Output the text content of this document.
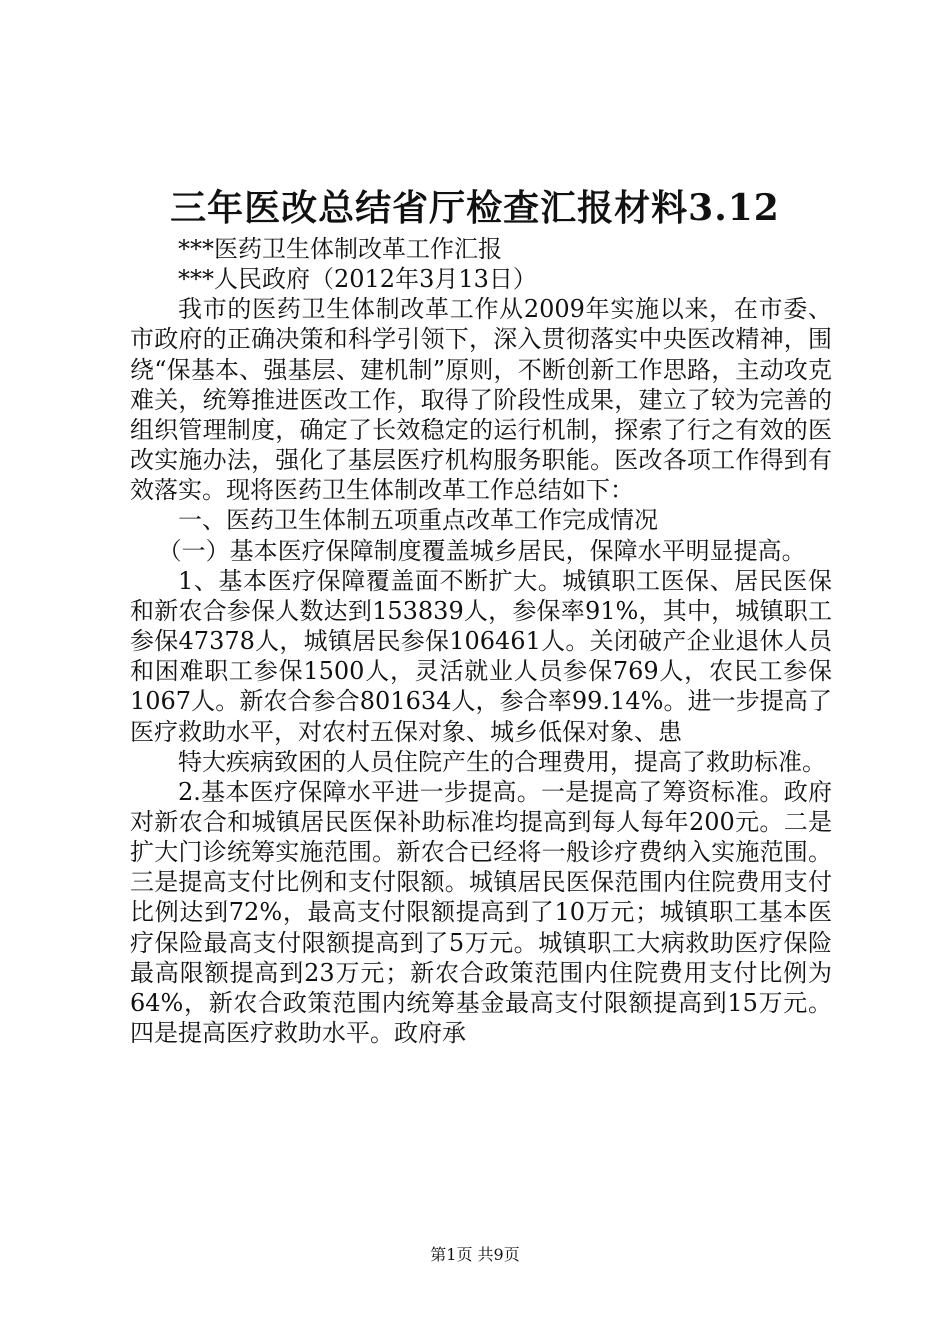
三年医改总结省厅检查汇报材料3.12

***医药卫生体制改革工作汇报

***人民政府（2012年3月13日）

我市的医药卫生体制改革工作从2009年实施以来，在市委、市政府的正确决策和科学引领下，深入贯彻落实中央医改精神，围绕“保基本、强基层、建机制”原则，不断创新工作思路，主动攻克难关，统筹推进医改工作，取得了阶段性成果，建立了较为完善的组织管理制度，确定了长效稳定的运行机制，探索了行之有效的医改实施办法，强化了基层医疗机构服务职能。医改各项工作得到有效落实。现将医药卫生体制改革工作总结如下：

一、医药卫生体制五项重点改革工作完成情况

（一）基本医疗保障制度覆盖城乡居民，保障水平明显提高。

1、基本医疗保障覆盖面不断扩大。城镇职工医保、居民医保和新农合参保人数达到153839人，参保率91%，其中，城镇职工参保47378人，城镇居民参保106461人。关闭破产企业退休人员和困难职工参保1500人，灵活就业人员参保769人，农民工参保1067人。新农合参合801634人，参合率99.14%。进一步提高了医疗救助水平，对农村五保对象、城乡低保对象、患

特大疾病致困的人员住院产生的合理费用，提高了救助标准。

2.基本医疗保障水平进一步提高。一是提高了筹资标准。政府对新农合和城镇居民医保补助标准均提高到每人每年200元。二是扩大门诊统筹实施范围。新农合已经将一般诊疗费纳入实施范围。三是提高支付比例和支付限额。城镇居民医保范围内住院费用支付比例达到72%，最高支付限额提高到了10万元；城镇职工基本医疗保险最高支付限额提高到了5万元。城镇职工大病救助医疗保险最高限额提高到23万元；新农合政策范围内住院费用支付比例为64%，新农合政策范围内统筹基金最高支付限额提高到15万元。四是提高医疗救助水平。政府承

第1页 共9页
